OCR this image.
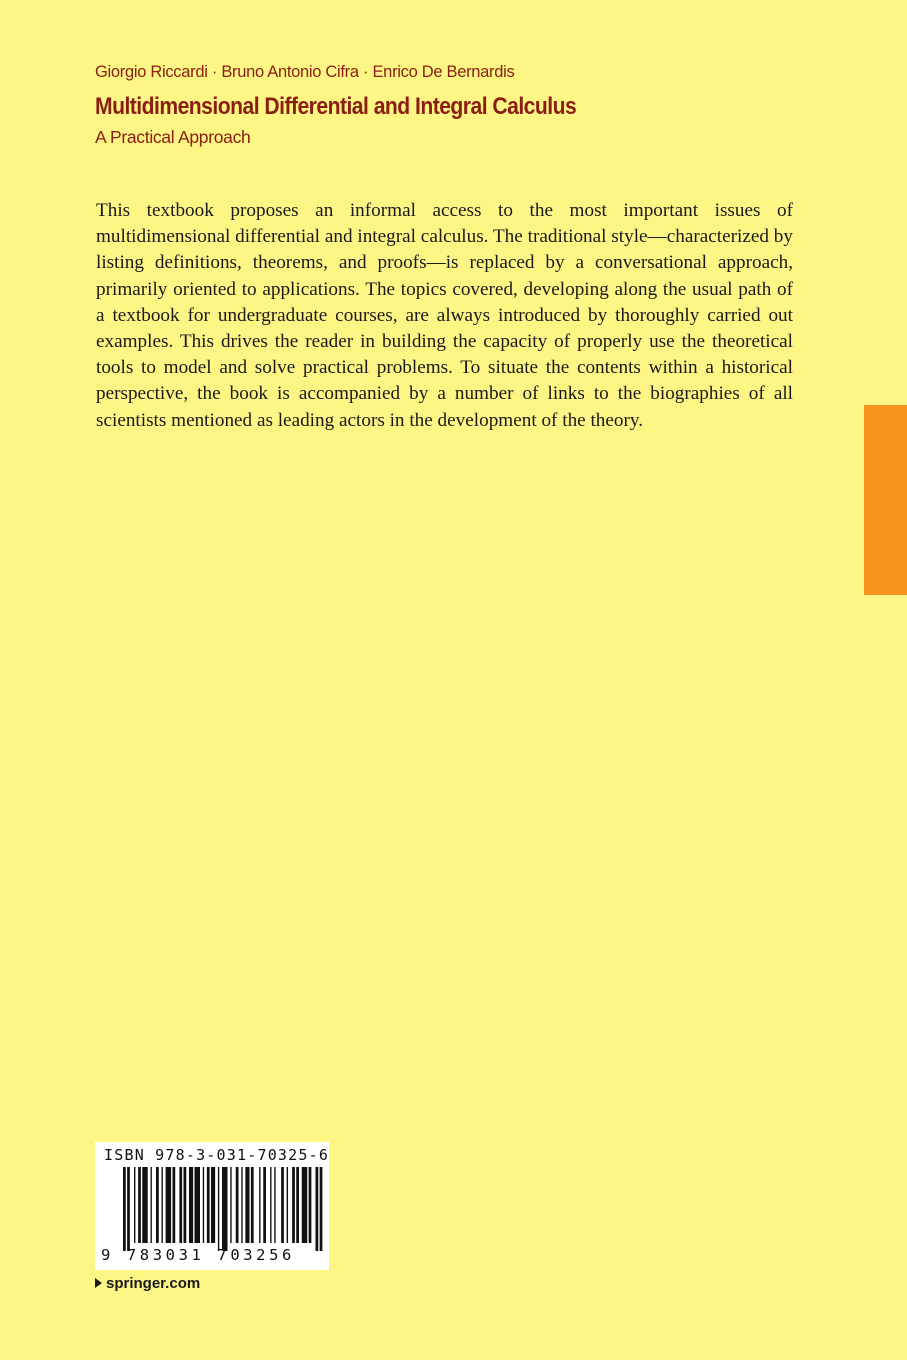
Giorgio Riccardi · Bruno Antonio Cifra · Enrico De Bernardis
Multidimensional Differential and Integral Calculus
A Practical Approach
This textbook proposes an informal access to the most important issues of multidimensional differential and integral calculus. The traditional style—characterized by listing definitions, theorems, and proofs—is replaced by a conversational approach, primarily oriented to applications. The topics covered, developing along the usual path of a textbook for undergraduate courses, are always introduced by thoroughly carried out examples. This drives the reader in building the capacity of properly use the theoretical tools to model and solve practical problems. To situate the contents within a historical perspective, the book is accompanied by a number of links to the biographies of all scientists mentioned as leading actors in the development of the theory.
ISBN 978-3-031-70325-6
9 783031 703256
springer.com
